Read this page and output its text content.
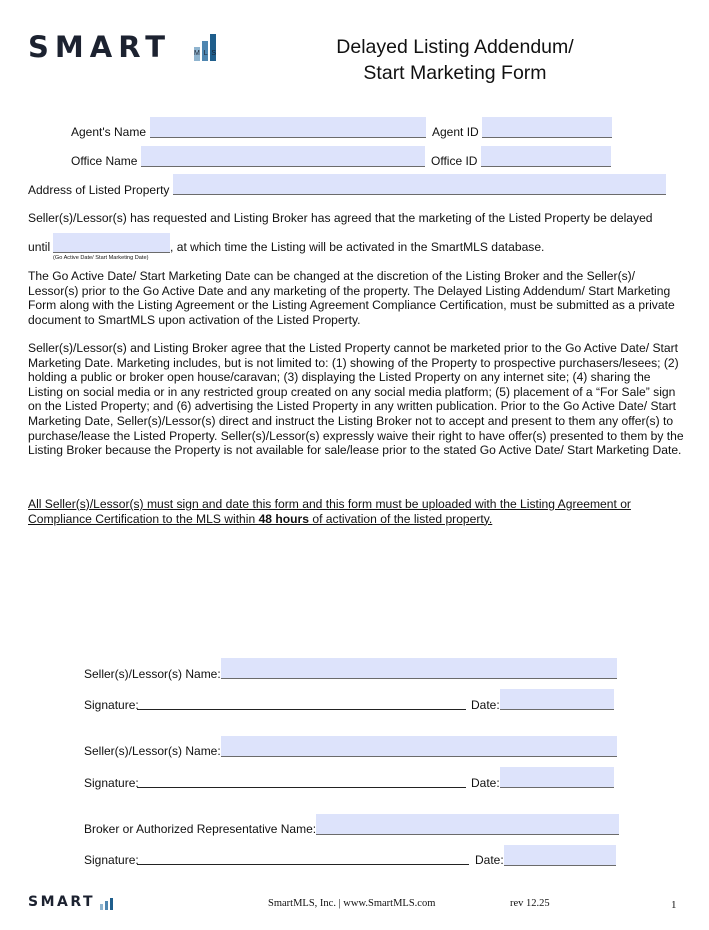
SMART	M L S	Delayed Listing Addendum/
Start Marketing Form
Agent's Name	Agent ID
Office Name	Office ID
Address of Listed Property
Seller(s)/Lessor(s) has requested and Listing Broker has agreed that the marketing of the Listed Property be delayed
until	, at which time the Listing will be activated in the SmartMLS database.
(Go Active Date/ Start Marketing Date)
The Go Active Date/ Start Marketing Date can be changed at the discretion of the Listing Broker and the Seller(s)/
Lessor(s) prior to the Go Active Date and any marketing of the property. The Delayed Listing Addendum/ Start Marketing
Form along with the Listing Agreement or the Listing Agreement Compliance Certification, must be submitted as a private
document to SmartMLS upon activation of the Listed Property.
Seller(s)/Lessor(s) and Listing Broker agree that the Listed Property cannot be marketed prior to the Go Active Date/ Start
Marketing Date. Marketing includes, but is not limited to: (1) showing of the Property to prospective purchasers/lesees; (2)
holding a public or broker open house/caravan; (3) displaying the Listed Property on any internet site; (4) sharing the
Listing on social media or in any restricted group created on any social media platform; (5) placement of a “For Sale” sign
on the Listed Property; and (6) advertising the Listed Property in any written publication. Prior to the Go Active Date/ Start
Marketing Date, Seller(s)/Lessor(s) direct and instruct the Listing Broker not to accept and present to them any offer(s) to
purchase/lease the Listed Property. Seller(s)/Lessor(s) expressly waive their right to have offer(s) presented to them by the
Listing Broker because the Property is not available for sale/lease prior to the stated Go Active Date/ Start Marketing Date.
All Seller(s)/Lessor(s) must sign and date this form and this form must be uploaded with the Listing Agreement or
Compliance Certification to the MLS within 48 hours of activation of the listed property.
Seller(s)/Lessor(s) Name:
Signature:	Date:
Seller(s)/Lessor(s) Name:
Signature:	Date:
Broker or Authorized Representative Name:
Signature:	Date:
SMART	SmartMLS, Inc. | www.SmartMLS.com	rev 12.25	1
